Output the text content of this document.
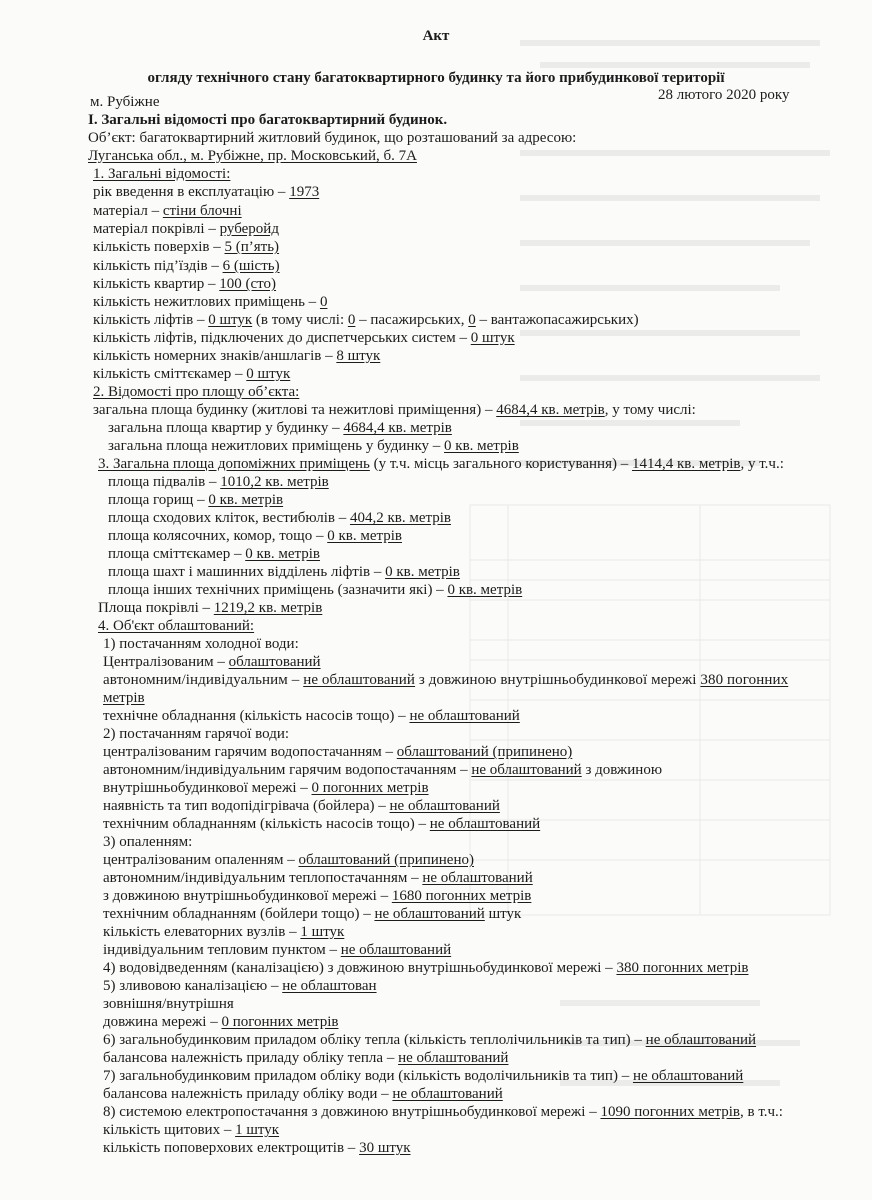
Акт
огляду технічного стану багатоквартирного будинку та його прибудинкової території
м. Рубіжне	28 лютого 2020 року
І. Загальні відомості про багатоквартирний будинок.
Об’єкт: багатоквартирний житловий будинок, що розташований за адресою:
Луганська обл., м. Рубіжне, пр. Московський, б. 7А
1. Загальні відомості:
рік введення в експлуатацію – 1973
матеріал – стіни блочні
матеріал покрівлі – руберойд
кількість поверхів – 5 (п’ять)
кількість під’їздів – 6 (шість)
кількість квартир – 100 (сто)
кількість нежитлових приміщень – 0
кількість ліфтів – 0 штук (в тому числі: 0 – пасажирських, 0 – вантажопасажирських)
кількість ліфтів, підключених до диспетчерських систем – 0 штук
кількість номерних знаків/аншлагів – 8 штук
кількість сміттєкамер – 0 штук
2. Відомості про площу об’єкта:
загальна площа будинку (житлові та нежитлові приміщення) – 4684,4 кв. метрів, у тому числі:
загальна площа квартир у будинку – 4684,4 кв. метрів
загальна площа нежитлових приміщень у будинку – 0 кв. метрів
3. Загальна площа допоміжних приміщень (у т.ч. місць загального користування) – 1414,4 кв. метрів, у т.ч.:
площа підвалів – 1010,2 кв. метрів
площа горищ – 0 кв. метрів
площа сходових кліток, вестибюлів – 404,2 кв. метрів
площа колясочних, комор, тощо – 0 кв. метрів
площа сміттєкамер – 0 кв. метрів
площа шахт і машинних відділень ліфтів – 0 кв. метрів
площа інших технічних приміщень (зазначити які) – 0 кв. метрів
Площа покрівлі – 1219,2 кв. метрів
4. Об'єкт облаштований:
1) постачанням холодної води:
Централізованим – облаштований
автономним/індивідуальним – не облаштований з довжиною внутрішньобудинкової мережі 380 погонних
метрів
технічне обладнання (кількість насосів тощо) – не облаштований
2) постачанням гарячої води:
централізованим гарячим водопостачанням – облаштований (припинено)
автономним/індивідуальним гарячим водопостачанням – не облаштований з довжиною
внутрішньобудинкової мережі – 0 погонних метрів
наявність та тип водопідігрівача (бойлера) – не облаштований
технічним обладнанням (кількість насосів тощо) – не облаштований
3) опаленням:
централізованим опаленням – облаштований (припинено)
автономним/індивідуальним теплопостачанням – не облаштований
з довжиною внутрішньобудинкової мережі – 1680 погонних метрів
технічним обладнанням (бойлери тощо) – не облаштований штук
кількість елеваторних вузлів – 1 штук
індивідуальним тепловим пунктом – не облаштований
4) водовідведенням (каналізацією) з довжиною внутрішньобудинкової мережі – 380 погонних метрів
5) зливовою каналізацією – не облаштован
зовнішня/внутрішня
довжина мережі – 0 погонних метрів
6) загальнобудинковим приладом обліку тепла (кількість теплолічильників та тип) – не облаштований
балансова належність приладу обліку тепла – не облаштований
7) загальнобудинковим приладом обліку води (кількість водолічильників та тип) – не облаштований
балансова належність приладу обліку води – не облаштований
8) системою електропостачання з довжиною внутрішньобудинкової мережі – 1090 погонних метрів, в т.ч.:
кількість щитових – 1 штук
кількість поповерхових електрощитів – 30 штук
